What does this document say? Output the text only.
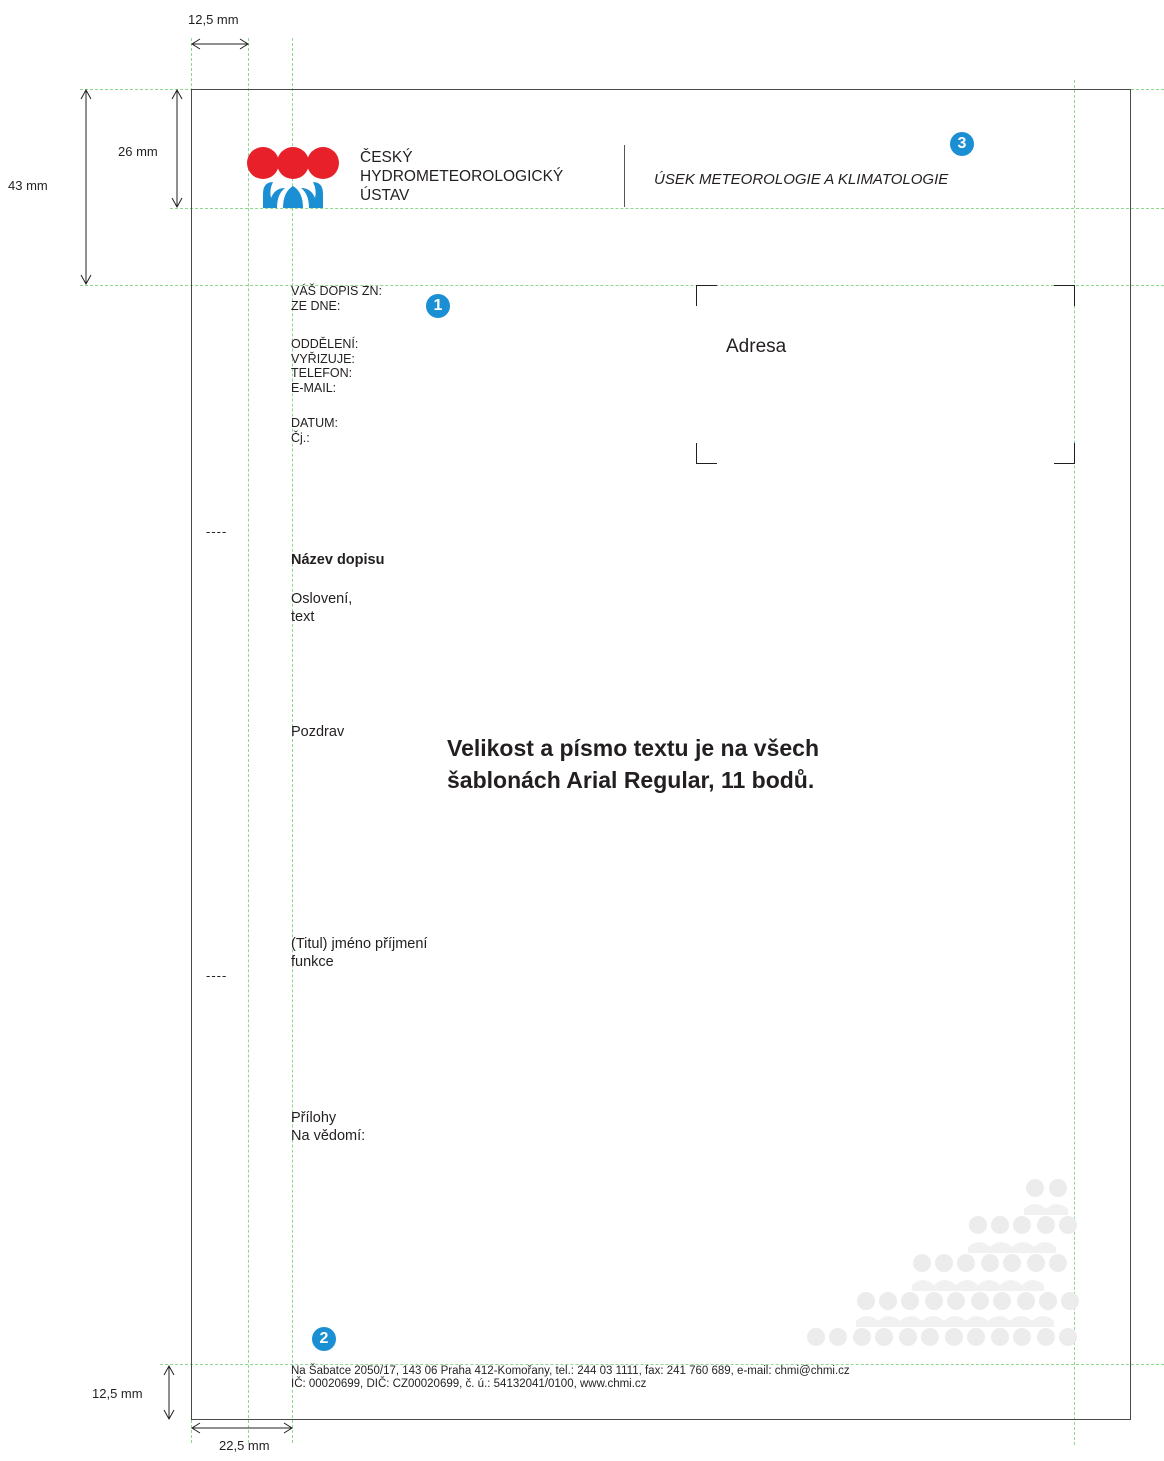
12,5 mm
26 mm
43 mm
12,5 mm
22,5 mm
----
----
ČESKÝ
HYDROMETEOROLOGICKÝ
ÚSTAV
ÚSEK METEOROLOGIE A KLIMATOLOGIE
3
1
2
VÁŠ DOPIS ZN:
ZE DNE:
ODDĚLENÍ:
VYŘIZUJE:
TELEFON:
E-MAIL:
DATUM:
Čj.:
Adresa
Název dopisu
Oslovení,
text
Pozdrav
(Titul) jméno příjmení
funkce
Přílohy
Na vědomí:
Velikost a písmo textu je na všech
šablonách Arial Regular, 11 bodů.
Na Šabatce 2050/17, 143 06 Praha 412-Komořany, tel.: 244 03 1111, fax: 241 760 689, e-mail: chmi@chmi.cz
IČ: 00020699, DIČ: CZ00020699, č. ú.: 54132041/0100, www.chmi.cz
